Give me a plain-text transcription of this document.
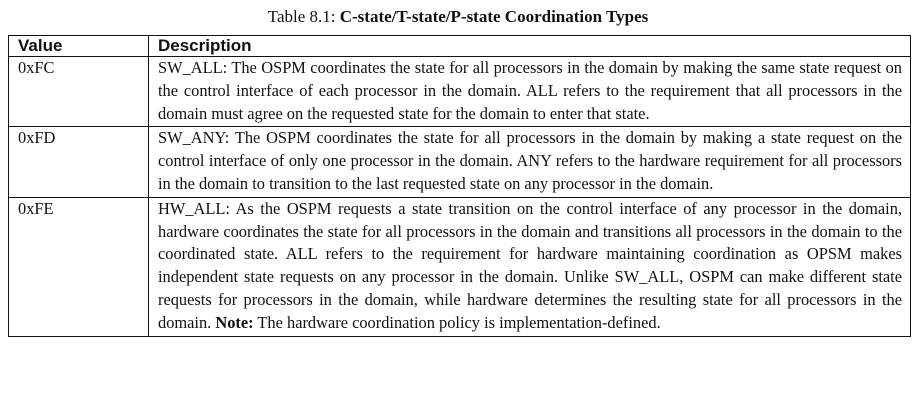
Table 8.1: C-state/T-state/P-state Coordination Types
Value	Description
0xFC	SW_ALL: The OSPM coordinates the state for all processors in the domain by making the same state request on the control interface of each processor in the domain. ALL refers to the requirement that all processors in the domain must agree on the requested state for the domain to enter that state.
0xFD	SW_ANY: The OSPM coordinates the state for all processors in the domain by making a state request on the control interface of only one processor in the domain. ANY refers to the hardware requirement for all processors in the domain to transition to the last requested state on any processor in the domain.
0xFE	HW_ALL: As the OSPM requests a state transition on the control interface of any processor in the domain, hardware coordinates the state for all processors in the domain and transitions all processors in the domain to the coordinated state. ALL refers to the requirement for hardware maintaining coordination as OPSM makes independent state requests on any processor in the domain. Unlike SW_ALL, OSPM can make different state requests for processors in the domain, while hardware determines the resulting state for all processors in the domain. Note: The hardware coordination policy is implementation-defined.
